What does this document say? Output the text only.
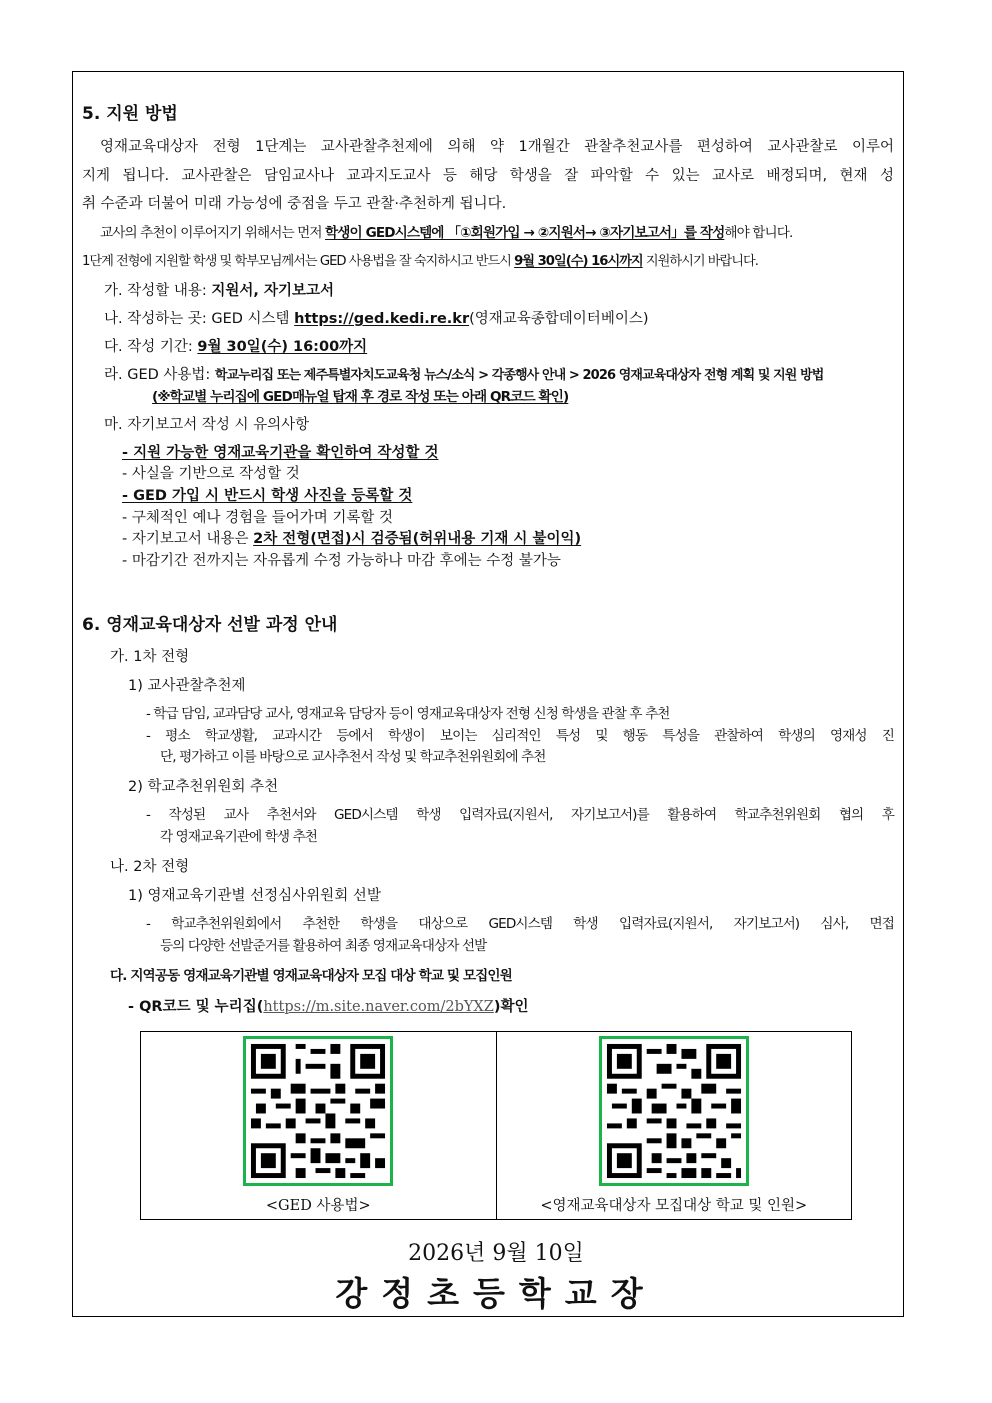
5. 지원 방법
영재교육대상자 전형 1단계는 교사관찰추천제에 의해 약 1개월간 관찰추천교사를 편성하여 교사관찰로 이루어
지게 됩니다. 교사관찰은 담임교사나 교과지도교사 등 해당 학생을 잘 파악할 수 있는 교사로 배정되며, 현재 성
취 수준과 더불어 미래 가능성에 중점을 두고 관찰·추천하게 됩니다.
교사의 추천이 이루어지기 위해서는 먼저 학생이 GED시스템에 「①회원가입 → ②지원서→ ③자기보고서」를 작성해야 합니다.
1단계 전형에 지원할 학생 및 학부모님께서는 GED 사용법을 잘 숙지하시고 반드시 9월 30일(수) 16시까지 지원하시기 바랍니다.
가. 작성할 내용: 지원서, 자기보고서
나. 작성하는 곳: GED 시스템 https://ged.kedi.re.kr(영재교육종합데이터베이스)
다. 작성 기간: 9월 30일(수) 16:00까지
라. GED 사용법: 학교누리집 또는 제주특별자치도교육청 뉴스/소식 > 각종행사 안내 > 2026 영재교육대상자 전형 계획 및 지원 방법
(※학교별 누리집에 GED매뉴얼 탑재 후 경로 작성 또는 아래 QR코드 확인)
마. 자기보고서 작성 시 유의사항
- 지원 가능한 영재교육기관을 확인하여 작성할 것
- 사실을 기반으로 작성할 것
- GED 가입 시 반드시 학생 사진을 등록할 것
- 구체적인 예나 경험을 들어가며 기록할 것
- 자기보고서 내용은 2차 전형(면접)시 검증됨(허위내용 기재 시 불이익)
- 마감기간 전까지는 자유롭게 수정 가능하나 마감 후에는 수정 불가능
6. 영재교육대상자 선발 과정 안내
가. 1차 전형
1) 교사관찰추천제
- 학급 담임, 교과담당 교사, 영재교육 담당자 등이 영재교육대상자 전형 신청 학생을 관찰 후 추천
- 평소 학교생활, 교과시간 등에서 학생이 보이는 심리적인 특성 및 행동 특성을 관찰하여 학생의 영재성 진
단, 평가하고 이를 바탕으로 교사추천서 작성 및 학교추천위원회에 추천
2) 학교추천위원회 추천
- 작성된 교사 추천서와 GED시스템 학생 입력자료(지원서, 자기보고서)를 활용하여 학교추천위원회 협의 후
각 영재교육기관에 학생 추천
나. 2차 전형
1) 영재교육기관별 선정심사위원회 선발
- 학교추천위원회에서 추천한 학생을 대상으로 GED시스템 학생 입력자료(지원서, 자기보고서) 심사, 면접
등의 다양한 선발준거를 활용하여 최종 영재교육대상자 선발
다. 지역공동 영재교육기관별 영재교육대상자 모집 대상 학교 및 모집인원
- QR코드 및 누리집(https://m.site.naver.com/2bYXZ)확인
<GED 사용법>	<영재교육대상자 모집대상 학교 및 인원>
2026년 9월 10일
강정초등학교장
